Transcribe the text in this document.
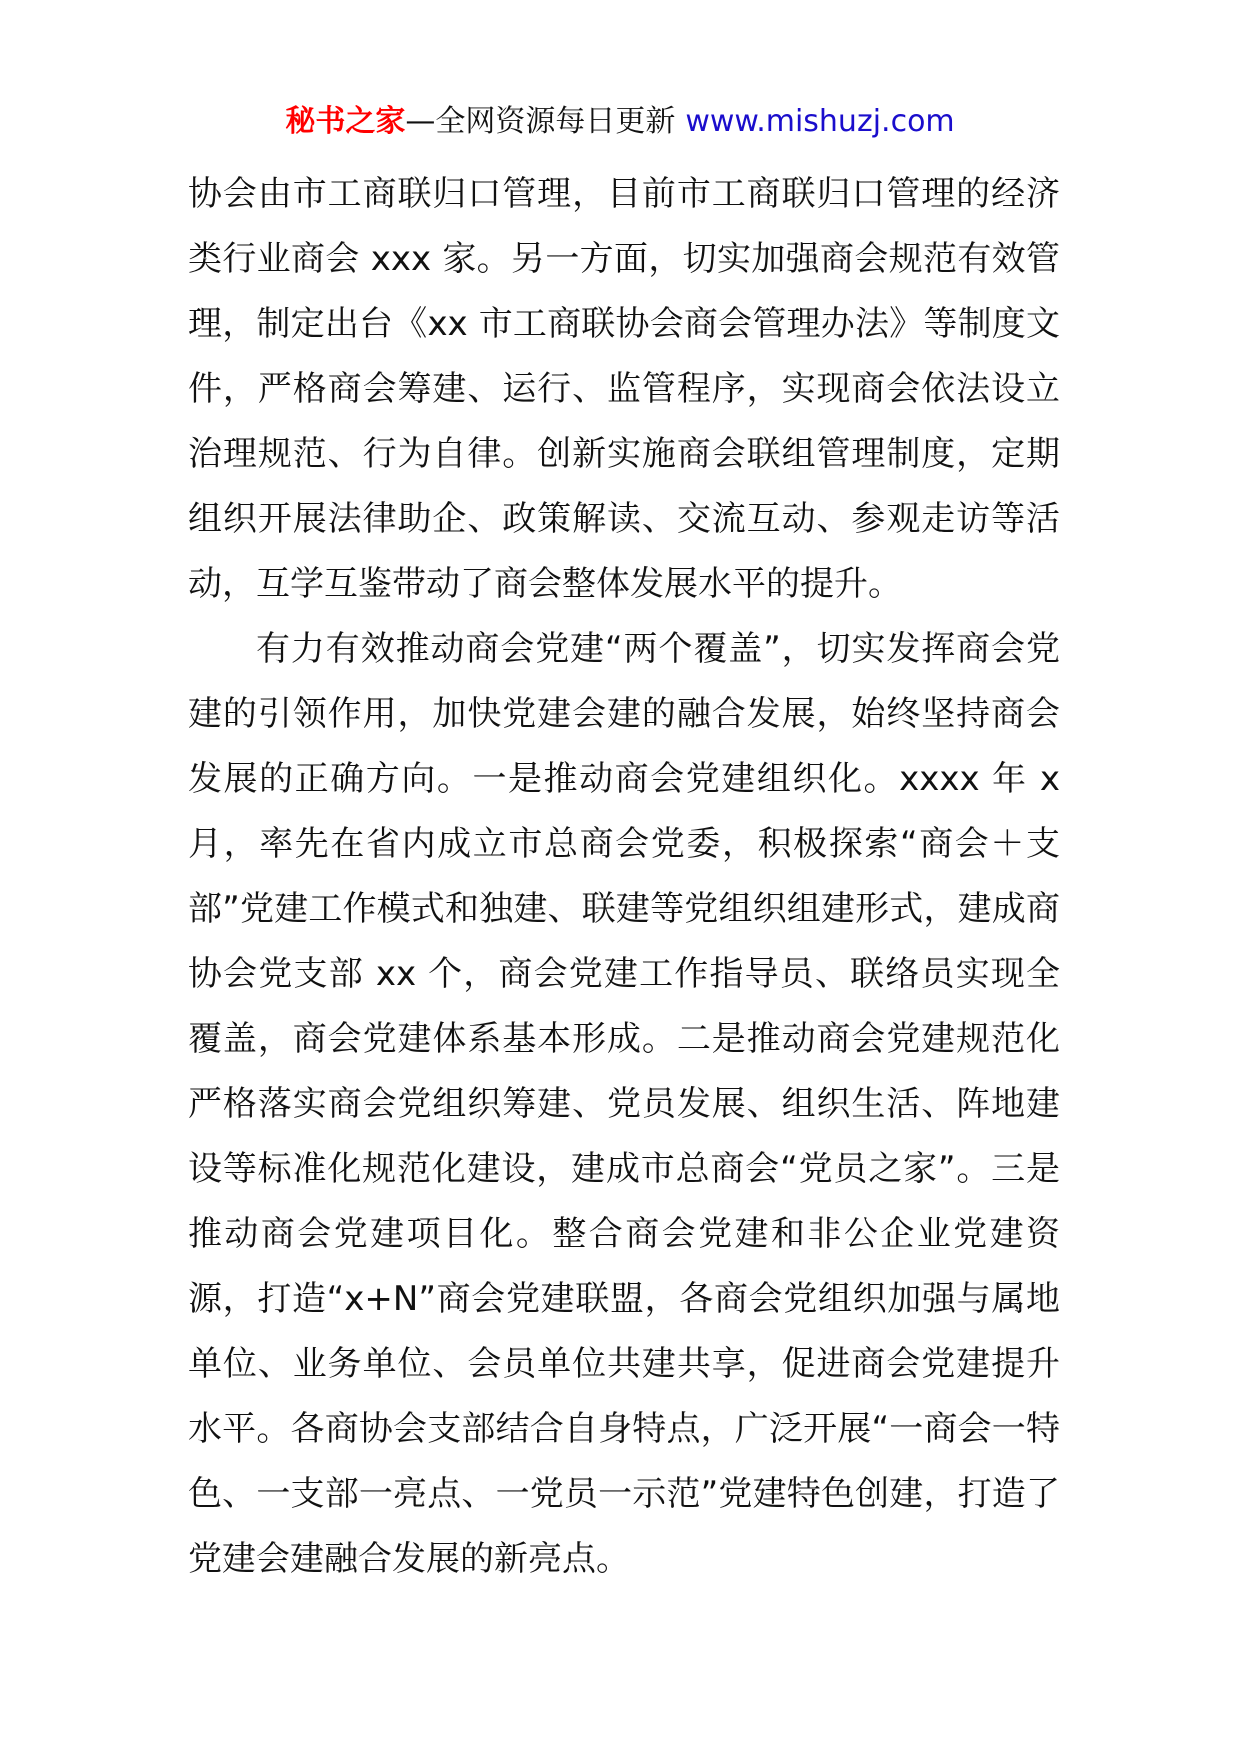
秘书之家—全网资源每日更新 www.mishuzj.com

协会由市工商联归口管理，目前市工商联归口管理的经济类行业商会 xxx 家。另一方面，切实加强商会规范有效管理，制定出台《xx 市工商联协会商会管理办法》等制度文件，严格商会筹建、运行、监管程序，实现商会依法设立治理规范、行为自律。创新实施商会联组管理制度，定期组织开展法律助企、政策解读、交流互动、参观走访等活动，互学互鉴带动了商会整体发展水平的提升。

有力有效推动商会党建“两个覆盖”，切实发挥商会党建的引领作用，加快党建会建的融合发展，始终坚持商会发展的正确方向。一是推动商会党建组织化。xxxx 年 x 月，率先在省内成立市总商会党委，积极探索“商会＋支部”党建工作模式和独建、联建等党组织组建形式，建成商协会党支部 xx 个，商会党建工作指导员、联络员实现全覆盖，商会党建体系基本形成。二是推动商会党建规范化严格落实商会党组织筹建、党员发展、组织生活、阵地建设等标准化规范化建设，建成市总商会“党员之家”。三是推动商会党建项目化。整合商会党建和非公企业党建资源，打造“x+N”商会党建联盟，各商会党组织加强与属地单位、业务单位、会员单位共建共享，促进商会党建提升水平。各商协会支部结合自身特点，广泛开展“一商会一特色、一支部一亮点、一党员一示范”党建特色创建，打造了党建会建融合发展的新亮点。
